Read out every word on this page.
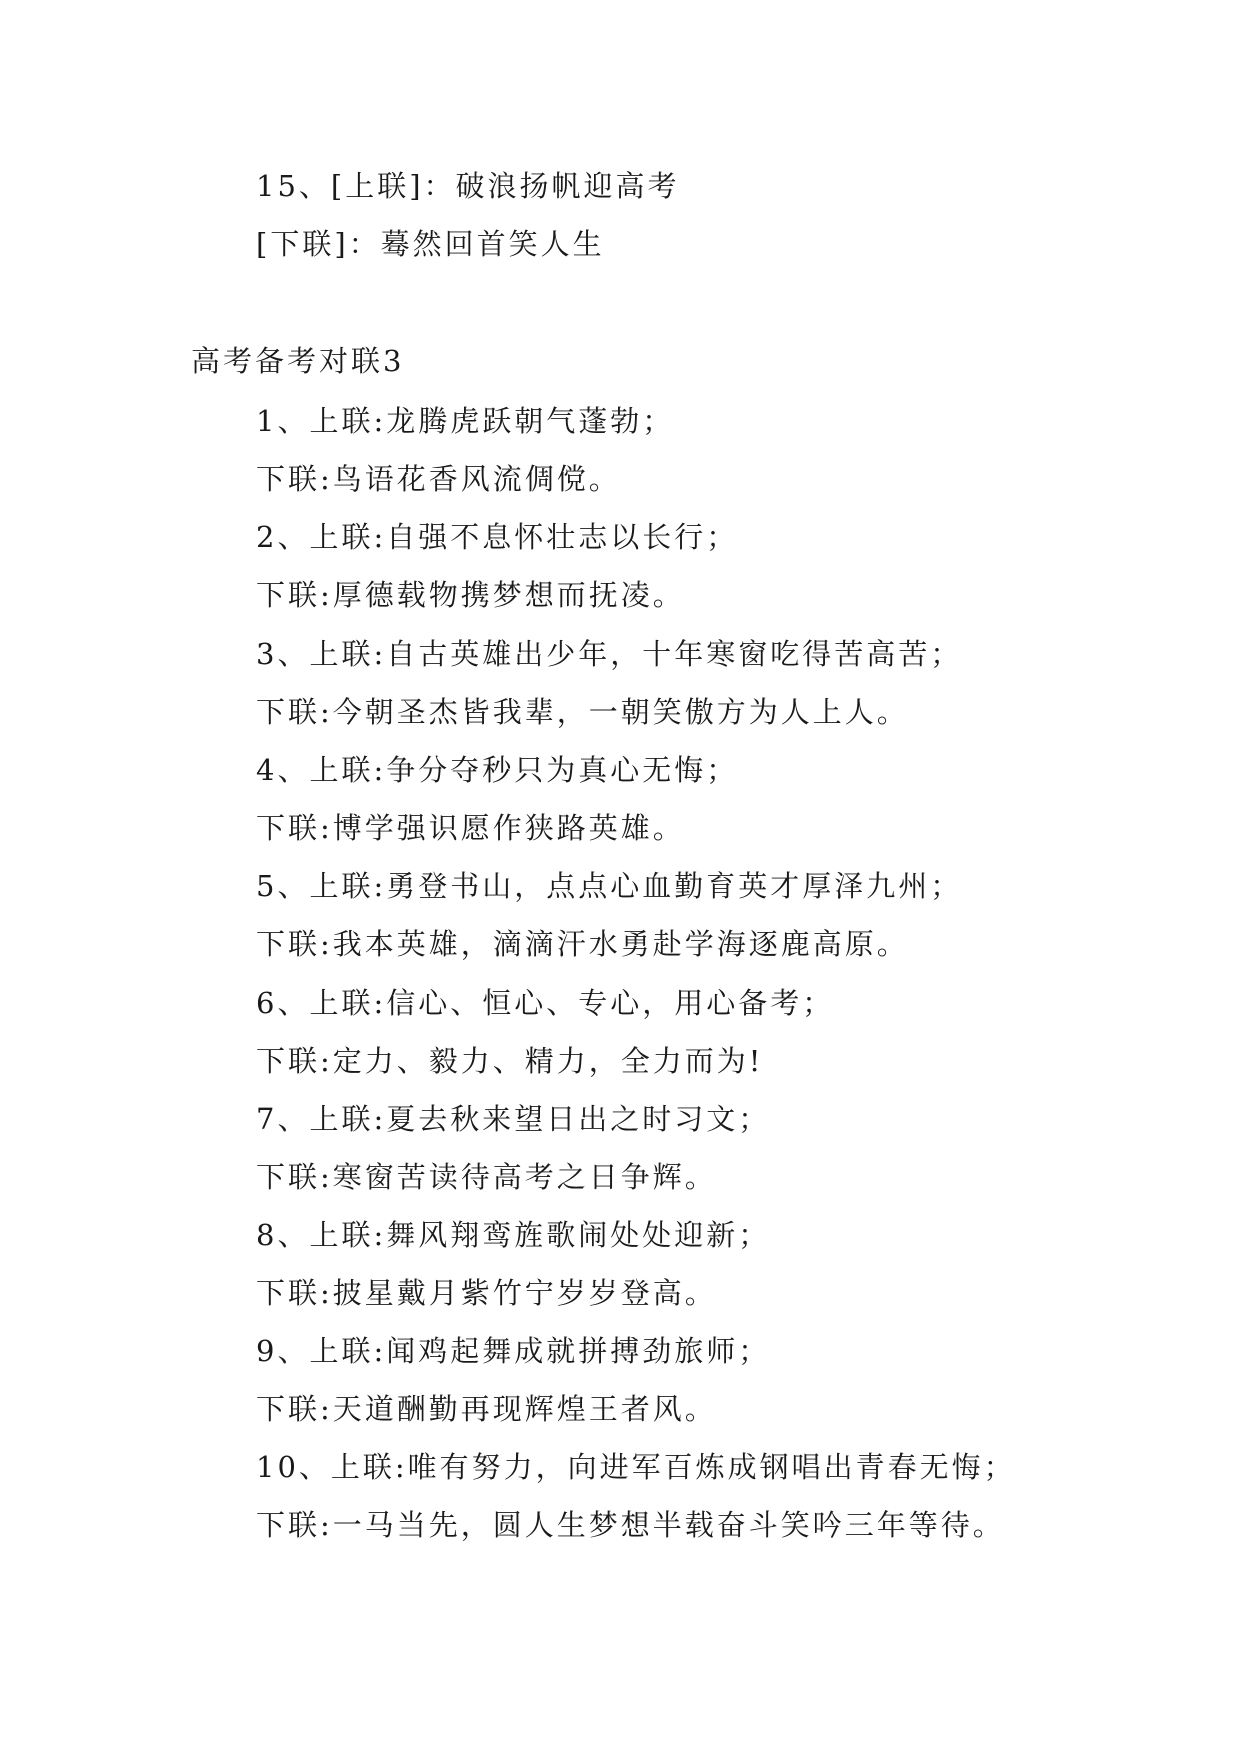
15、[上联]：破浪扬帆迎高考
[下联]：蓦然回首笑人生
高考备考对联3
1、上联:龙腾虎跃朝气蓬勃；
下联:鸟语花香风流倜傥。
2、上联:自强不息怀壮志以长行；
下联:厚德载物携梦想而抚凌。
3、上联:自古英雄出少年，十年寒窗吃得苦高苦；
下联:今朝圣杰皆我辈，一朝笑傲方为人上人。
4、上联:争分夺秒只为真心无悔；
下联:博学强识愿作狭路英雄。
5、上联:勇登书山，点点心血勤育英才厚泽九州；
下联:我本英雄，滴滴汗水勇赴学海逐鹿高原。
6、上联:信心、恒心、专心，用心备考；
下联:定力、毅力、精力，全力而为!
7、上联:夏去秋来望日出之时习文；
下联:寒窗苦读待高考之日争辉。
8、上联:舞风翔鸾旌歌闹处处迎新；
下联:披星戴月紫竹宁岁岁登高。
9、上联:闻鸡起舞成就拼搏劲旅师；
下联:天道酬勤再现辉煌王者风。
10、上联:唯有努力，向进军百炼成钢唱出青春无悔；
下联:一马当先，圆人生梦想半载奋斗笑吟三年等待。
